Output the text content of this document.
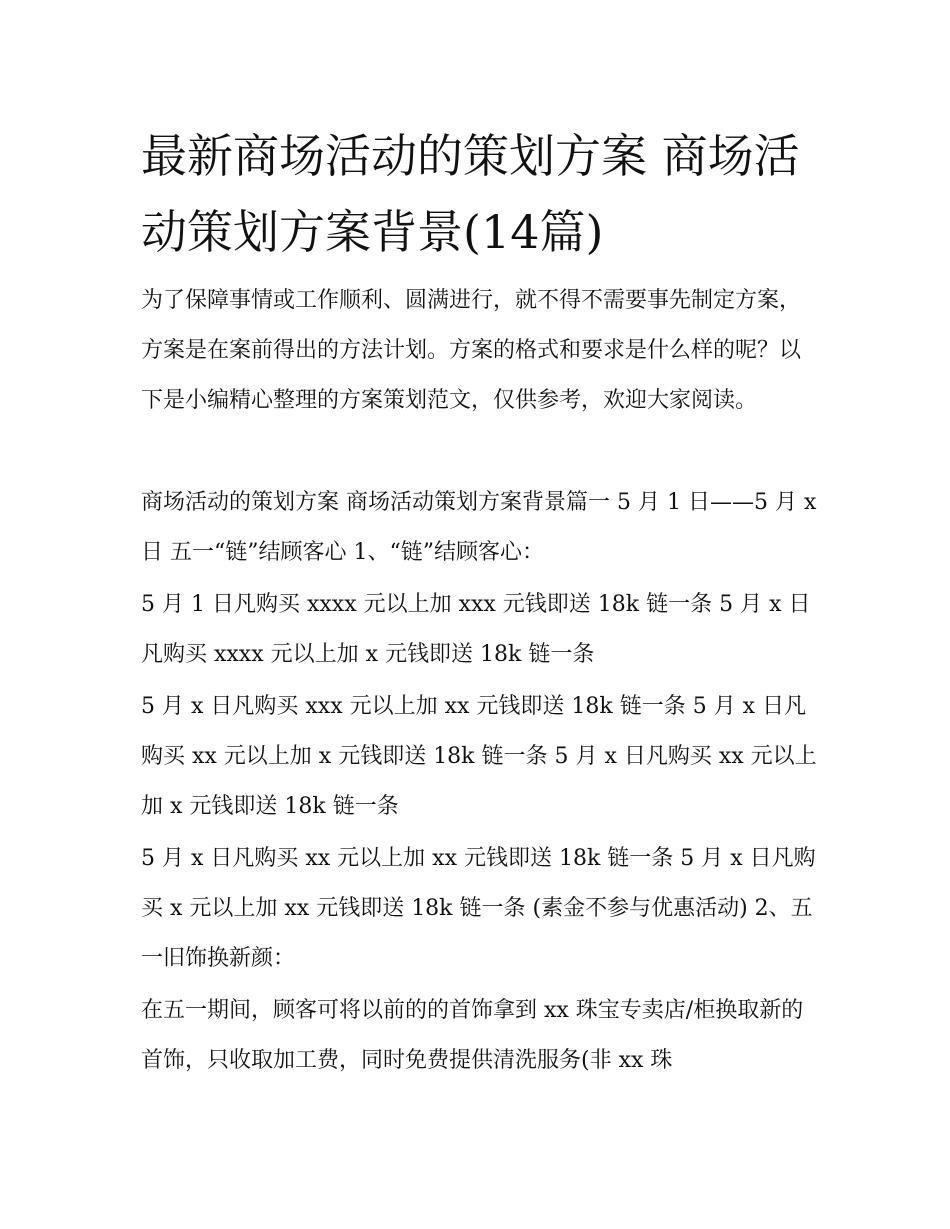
最新商场活动的策划方案 商场活动策划方案背景(14篇)

为了保障事情或工作顺利、圆满进行，就不得不需要事先制定方案，方案是在案前得出的方法计划。方案的格式和要求是什么样的呢？以下是小编精心整理的方案策划范文，仅供参考，欢迎大家阅读。

商场活动的策划方案 商场活动策划方案背景篇一 5 月 1 日——5 月 x 日 五一“链”结顾客心 1、“链”结顾客心：

5 月 1 日凡购买 xxxx 元以上加 xxx 元钱即送 18k 链一条 5 月 x 日凡购买 xxxx 元以上加 x 元钱即送 18k 链一条

5 月 x 日凡购买 xxx 元以上加 xx 元钱即送 18k 链一条 5 月 x 日凡购买 xx 元以上加 x 元钱即送 18k 链一条 5 月 x 日凡购买 xx 元以上加 x 元钱即送 18k 链一条

5 月 x 日凡购买 xx 元以上加 xx 元钱即送 18k 链一条 5 月 x 日凡购买 x 元以上加 xx 元钱即送 18k 链一条 (素金不参与优惠活动) 2、五一旧饰换新颜：

在五一期间，顾客可将以前的的首饰拿到 xx 珠宝专卖店/柜换取新的首饰，只收取加工费，同时免费提供清洗服务(非 xx 珠
